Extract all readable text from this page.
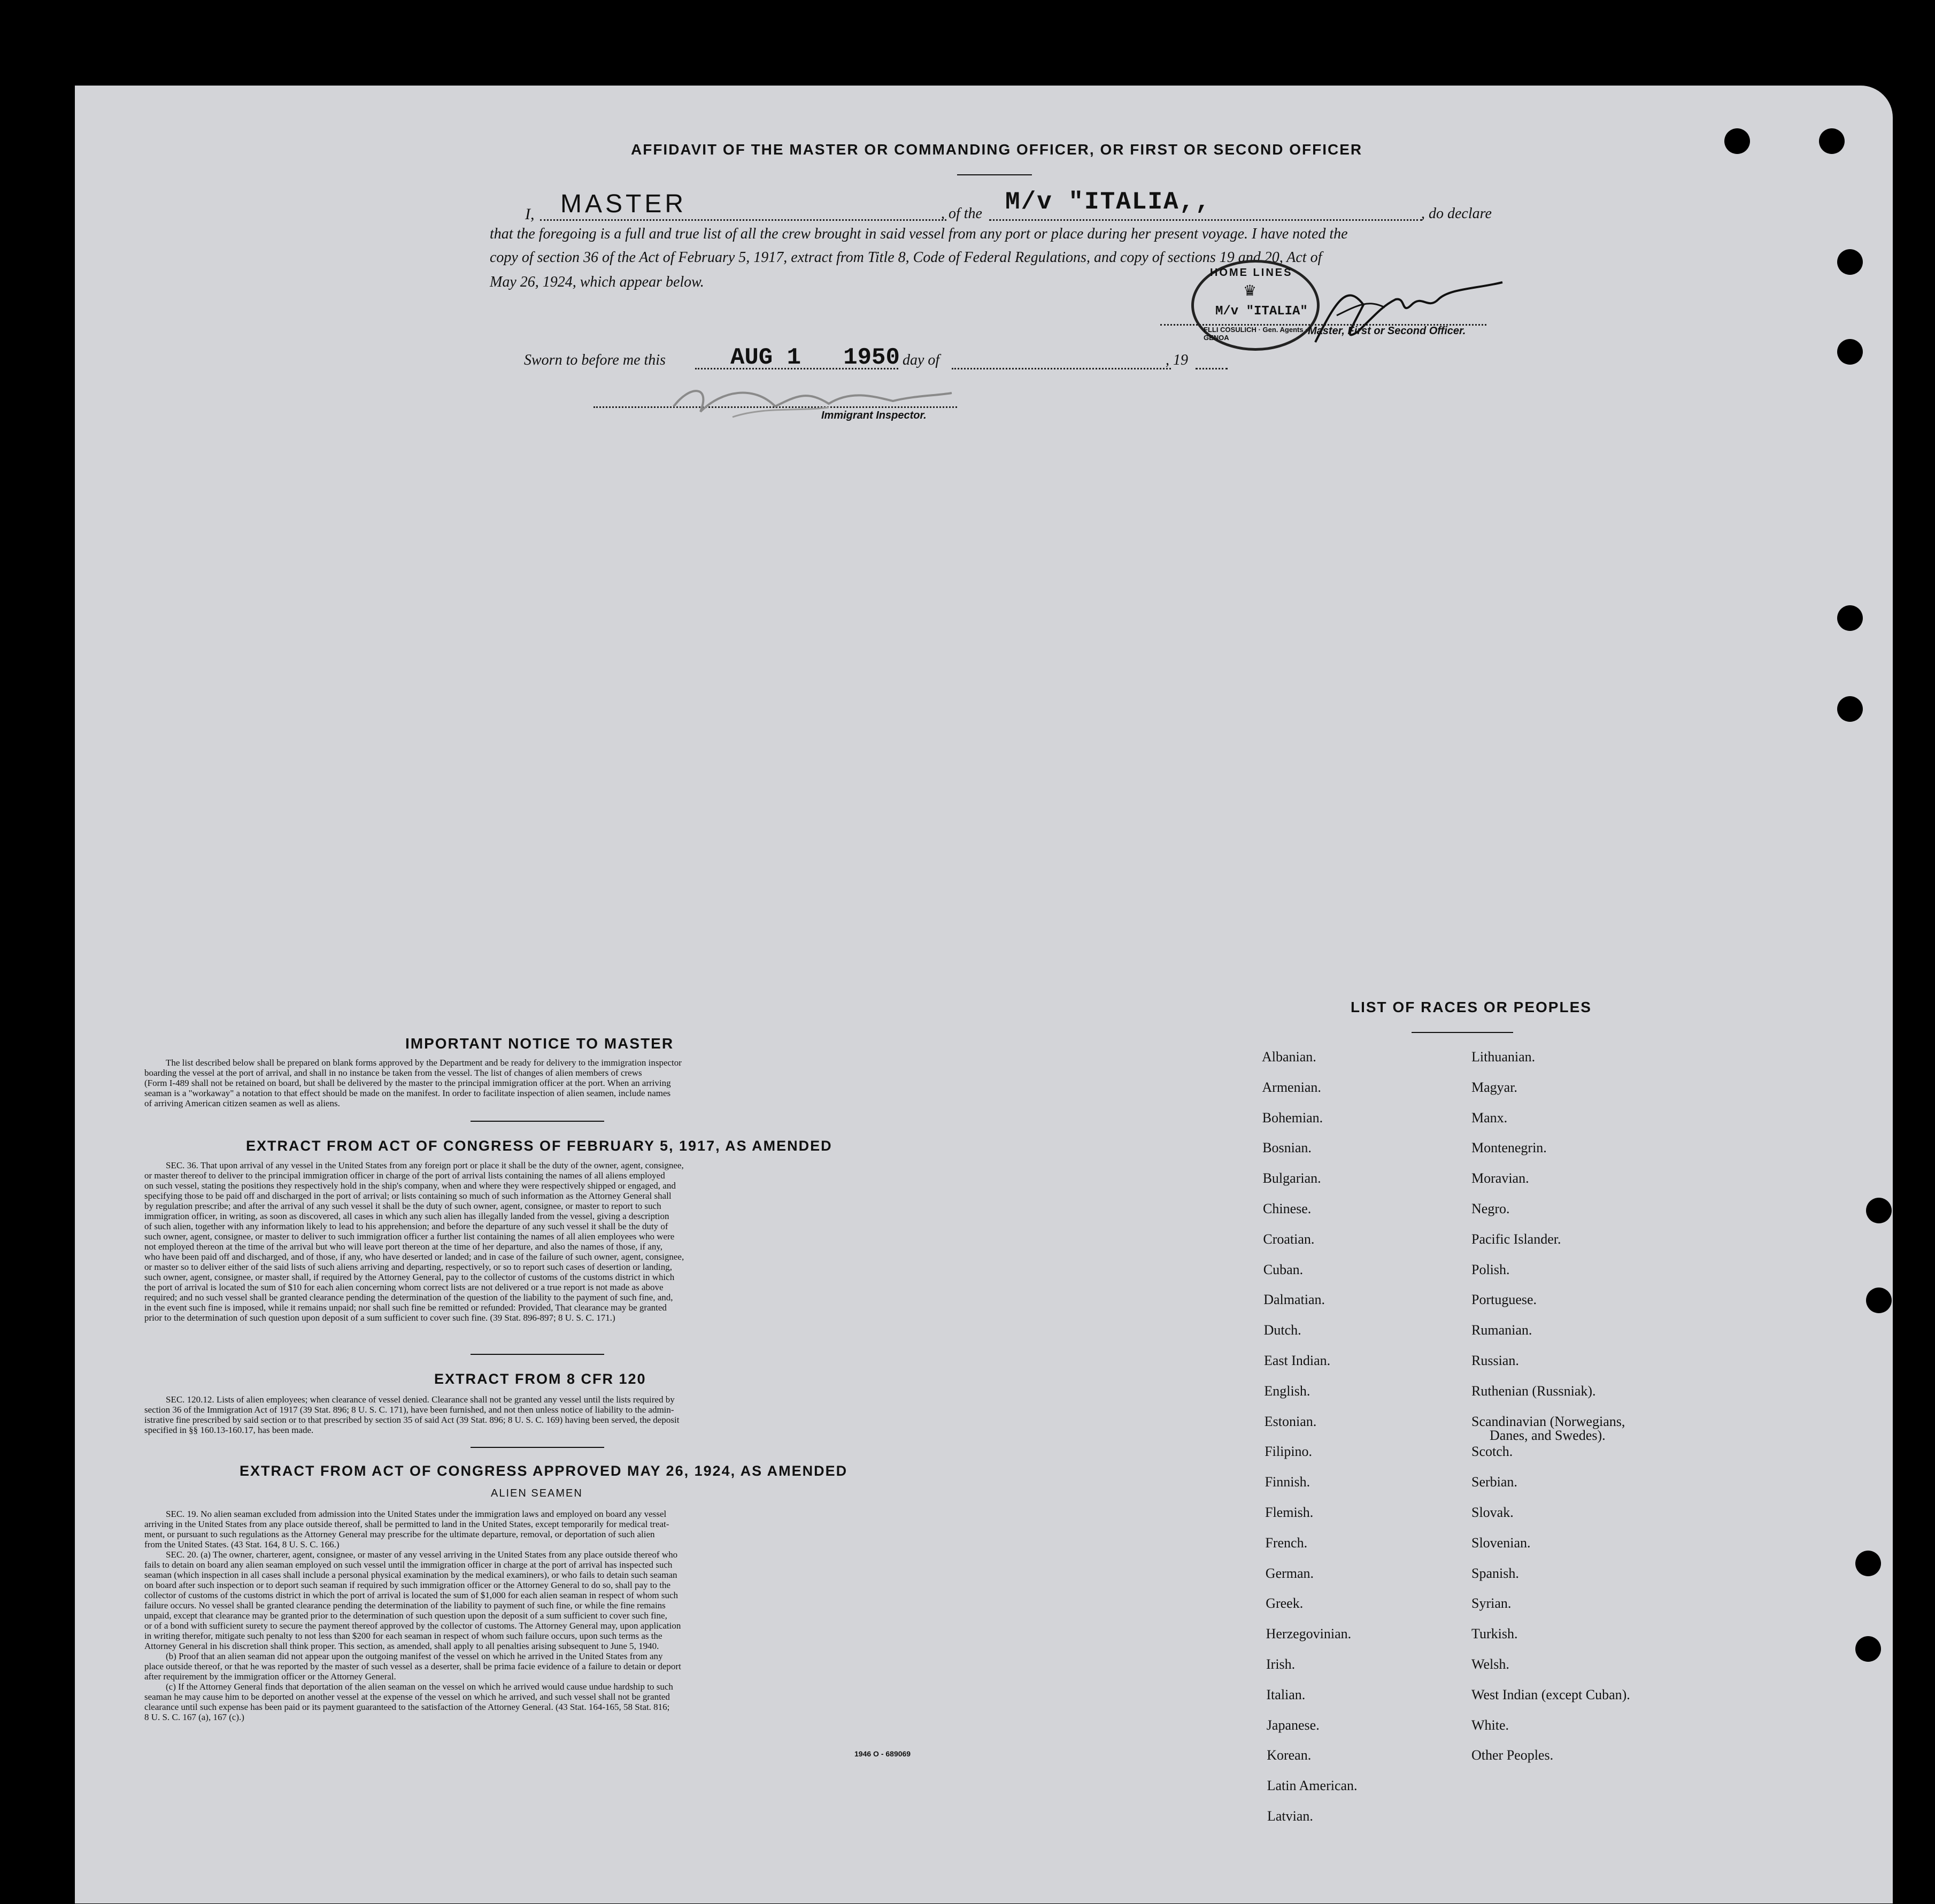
AFFIDAVIT OF THE MASTER OR COMMANDING OFFICER, OR FIRST OR SECOND OFFICER
I, MASTER	, of the M/v "ITALIA,,	, do declare
that the foregoing is a full and true list of all the crew brought in said vessel from any port or place during her present voyage. I have noted the
copy of section 36 of the Act of February 5, 1917, extract from Title 8, Code of Federal Regulations, and copy of sections 19 and 20, Act of
May 26, 1924, which appear below.
HOME LINES
♛
M/v "ITALIA"
FLLI COSULICH · Gen. Agents · GENOA
Master, First or Second Officer.
Sworn to before me this	AUG 1   1950 day of	, 19
Immigrant Inspector.
IMPORTANT NOTICE TO MASTER
The list described below shall be prepared on blank forms approved by the Department and be ready for delivery to the immigration inspector
boarding the vessel at the port of arrival, and shall in no instance be taken from the vessel. The list of changes of alien members of crews
(Form I-489 shall not be retained on board, but shall be delivered by the master to the principal immigration officer at the port. When an arriving
seaman is a "workaway" a notation to that effect should be made on the manifest. In order to facilitate inspection of alien seamen, include names
of arriving American citizen seamen as well as aliens.
EXTRACT FROM ACT OF CONGRESS OF FEBRUARY 5, 1917, AS AMENDED
SEC. 36. That upon arrival of any vessel in the United States from any foreign port or place it shall be the duty of the owner, agent, consignee,
or master thereof to deliver to the principal immigration officer in charge of the port of arrival lists containing the names of all aliens employed
on such vessel, stating the positions they respectively hold in the ship's company, when and where they were respectively shipped or engaged, and
specifying those to be paid off and discharged in the port of arrival; or lists containing so much of such information as the Attorney General shall
by regulation prescribe; and after the arrival of any such vessel it shall be the duty of such owner, agent, consignee, or master to report to such
immigration officer, in writing, as soon as discovered, all cases in which any such alien has illegally landed from the vessel, giving a description
of such alien, together with any information likely to lead to his apprehension; and before the departure of any such vessel it shall be the duty of
such owner, agent, consignee, or master to deliver to such immigration officer a further list containing the names of all alien employees who were
not employed thereon at the time of the arrival but who will leave port thereon at the time of her departure, and also the names of those, if any,
who have been paid off and discharged, and of those, if any, who have deserted or landed; and in case of the failure of such owner, agent, consignee,
or master so to deliver either of the said lists of such aliens arriving and departing, respectively, or so to report such cases of desertion or landing,
such owner, agent, consignee, or master shall, if required by the Attorney General, pay to the collector of customs of the customs district in which
the port of arrival is located the sum of $10 for each alien concerning whom correct lists are not delivered or a true report is not made as above
required; and no such vessel shall be granted clearance pending the determination of the question of the liability to the payment of such fine, and,
in the event such fine is imposed, while it remains unpaid; nor shall such fine be remitted or refunded: Provided, That clearance may be granted
prior to the determination of such question upon deposit of a sum sufficient to cover such fine. (39 Stat. 896-897; 8 U. S. C. 171.)
EXTRACT FROM 8 CFR 120
SEC. 120.12. Lists of alien employees; when clearance of vessel denied. Clearance shall not be granted any vessel until the lists required by
section 36 of the Immigration Act of 1917 (39 Stat. 896; 8 U. S. C. 171), have been furnished, and not then unless notice of liability to the admin-
istrative fine prescribed by said section or to that prescribed by section 35 of said Act (39 Stat. 896; 8 U. S. C. 169) having been served, the deposit
specified in §§ 160.13-160.17, has been made.
EXTRACT FROM ACT OF CONGRESS APPROVED MAY 26, 1924, AS AMENDED
ALIEN SEAMEN
SEC. 19. No alien seaman excluded from admission into the United States under the immigration laws and employed on board any vessel
arriving in the United States from any place outside thereof, shall be permitted to land in the United States, except temporarily for medical treat-
ment, or pursuant to such regulations as the Attorney General may prescribe for the ultimate departure, removal, or deportation of such alien
from the United States. (43 Stat. 164, 8 U. S. C. 166.)
SEC. 20. (a) The owner, charterer, agent, consignee, or master of any vessel arriving in the United States from any place outside thereof who
fails to detain on board any alien seaman employed on such vessel until the immigration officer in charge at the port of arrival has inspected such
seaman (which inspection in all cases shall include a personal physical examination by the medical examiners), or who fails to detain such seaman
on board after such inspection or to deport such seaman if required by such immigration officer or the Attorney General to do so, shall pay to the
collector of customs of the customs district in which the port of arrival is located the sum of $1,000 for each alien seaman in respect of whom such
failure occurs. No vessel shall be granted clearance pending the determination of the liability to payment of such fine, or while the fine remains
unpaid, except that clearance may be granted prior to the determination of such question upon the deposit of a sum sufficient to cover such fine,
or of a bond with sufficient surety to secure the payment thereof approved by the collector of customs. The Attorney General may, upon application
in writing therefor, mitigate such penalty to not less than $200 for each seaman in respect of whom such failure occurs, upon such terms as the
Attorney General in his discretion shall think proper. This section, as amended, shall apply to all penalties arising subsequent to June 5, 1940.
(b) Proof that an alien seaman did not appear upon the outgoing manifest of the vessel on which he arrived in the United States from any
place outside thereof, or that he was reported by the master of such vessel as a deserter, shall be prima facie evidence of a failure to detain or deport
after requirement by the immigration officer or the Attorney General.
(c) If the Attorney General finds that deportation of the alien seaman on the vessel on which he arrived would cause undue hardship to such
seaman he may cause him to be deported on another vessel at the expense of the vessel on which he arrived, and such vessel shall not be granted
clearance until such expense has been paid or its payment guaranteed to the satisfaction of the Attorney General. (43 Stat. 164-165, 58 Stat. 816;
8 U. S. C. 167 (a), 167 (c).)
1946 O - 689069
LIST OF RACES OR PEOPLES
Albanian.
Armenian.
Bohemian.
Bosnian.
Bulgarian.
Chinese.
Croatian.
Cuban.
Dalmatian.
Dutch.
East Indian.
English.
Estonian.
Filipino.
Finnish.
Flemish.
French.
German.
Greek.
Herzegovinian.
Irish.
Italian.
Japanese.
Korean.
Latin American.
Latvian.
Lithuanian.
Magyar.
Manx.
Montenegrin.
Moravian.
Negro.
Pacific Islander.
Polish.
Portuguese.
Rumanian.
Russian.
Ruthenian (Russniak).
Scandinavian (Norwegians,
Danes, and Swedes).
Scotch.
Serbian.
Slovak.
Slovenian.
Spanish.
Syrian.
Turkish.
Welsh.
West Indian (except Cuban).
White.
Other Peoples.
